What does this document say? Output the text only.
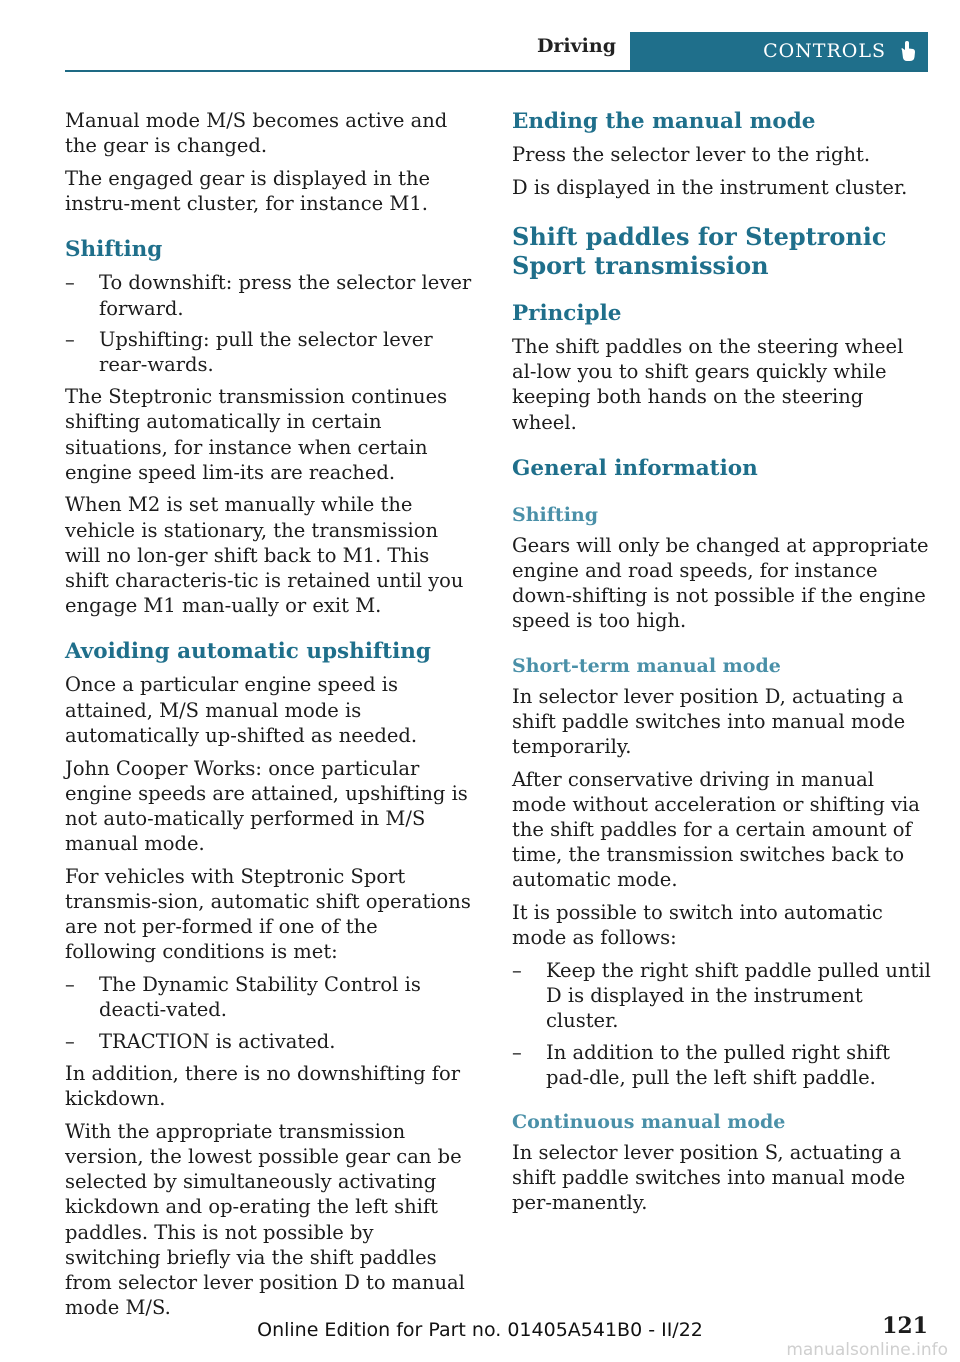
Driving	CONTROLS

Manual mode M/S becomes active and the gear is changed.

The engaged gear is displayed in the instru‐ment cluster, for instance M1.

Shifting
– To downshift: press the selector lever forward.
– Upshifting: pull the selector lever rear‐wards.

The Steptronic transmission continues shifting automatically in certain situations, for instance when certain engine speed lim‐its are reached.

When M2 is set manually while the vehicle is stationary, the transmission will no lon‐ger shift back to M1. This shift characteris‐tic is retained until you engage M1 man‐ually or exit M.

Avoiding automatic upshifting

Once a particular engine speed is attained, M/S manual mode is automatically up‐shifted as needed.

John Cooper Works: once particular engine speeds are attained, upshifting is not auto‐matically performed in M/S manual mode.

For vehicles with Steptronic Sport transmis‐sion, automatic shift operations are not per‐formed if one of the following conditions is met:

– The Dynamic Stability Control is deacti‐vated.
– TRACTION is activated.

In addition, there is no downshifting for kickdown.

With the appropriate transmission version, the lowest possible gear can be selected by simultaneously activating kickdown and op‐erating the left shift paddles. This is not possible by switching briefly via the shift paddles from selector lever position D to manual mode M/S.

Ending the manual mode

Press the selector lever to the right.

D is displayed in the instrument cluster.

Shift paddles for Steptronic Sport transmission
Principle

The shift paddles on the steering wheel al‐low you to shift gears quickly while keeping both hands on the steering wheel.

General information
Shifting

Gears will only be changed at appropriate engine and road speeds, for instance down‐shifting is not possible if the engine speed is too high.

Short-term manual mode

In selector lever position D, actuating a shift paddle switches into manual mode temporarily.

After conservative driving in manual mode without acceleration or shifting via the shift paddles for a certain amount of time, the transmission switches back to automatic mode.

It is possible to switch into automatic mode as follows:

– Keep the right shift paddle pulled until D is displayed in the instrument cluster.
– In addition to the pulled right shift pad‐dle, pull the left shift paddle.
Continuous manual mode

In selector lever position S, actuating a shift paddle switches into manual mode per‐manently.

121
Online Edition for Part no. 01405A541B0 - II/22
manualsonline.info
